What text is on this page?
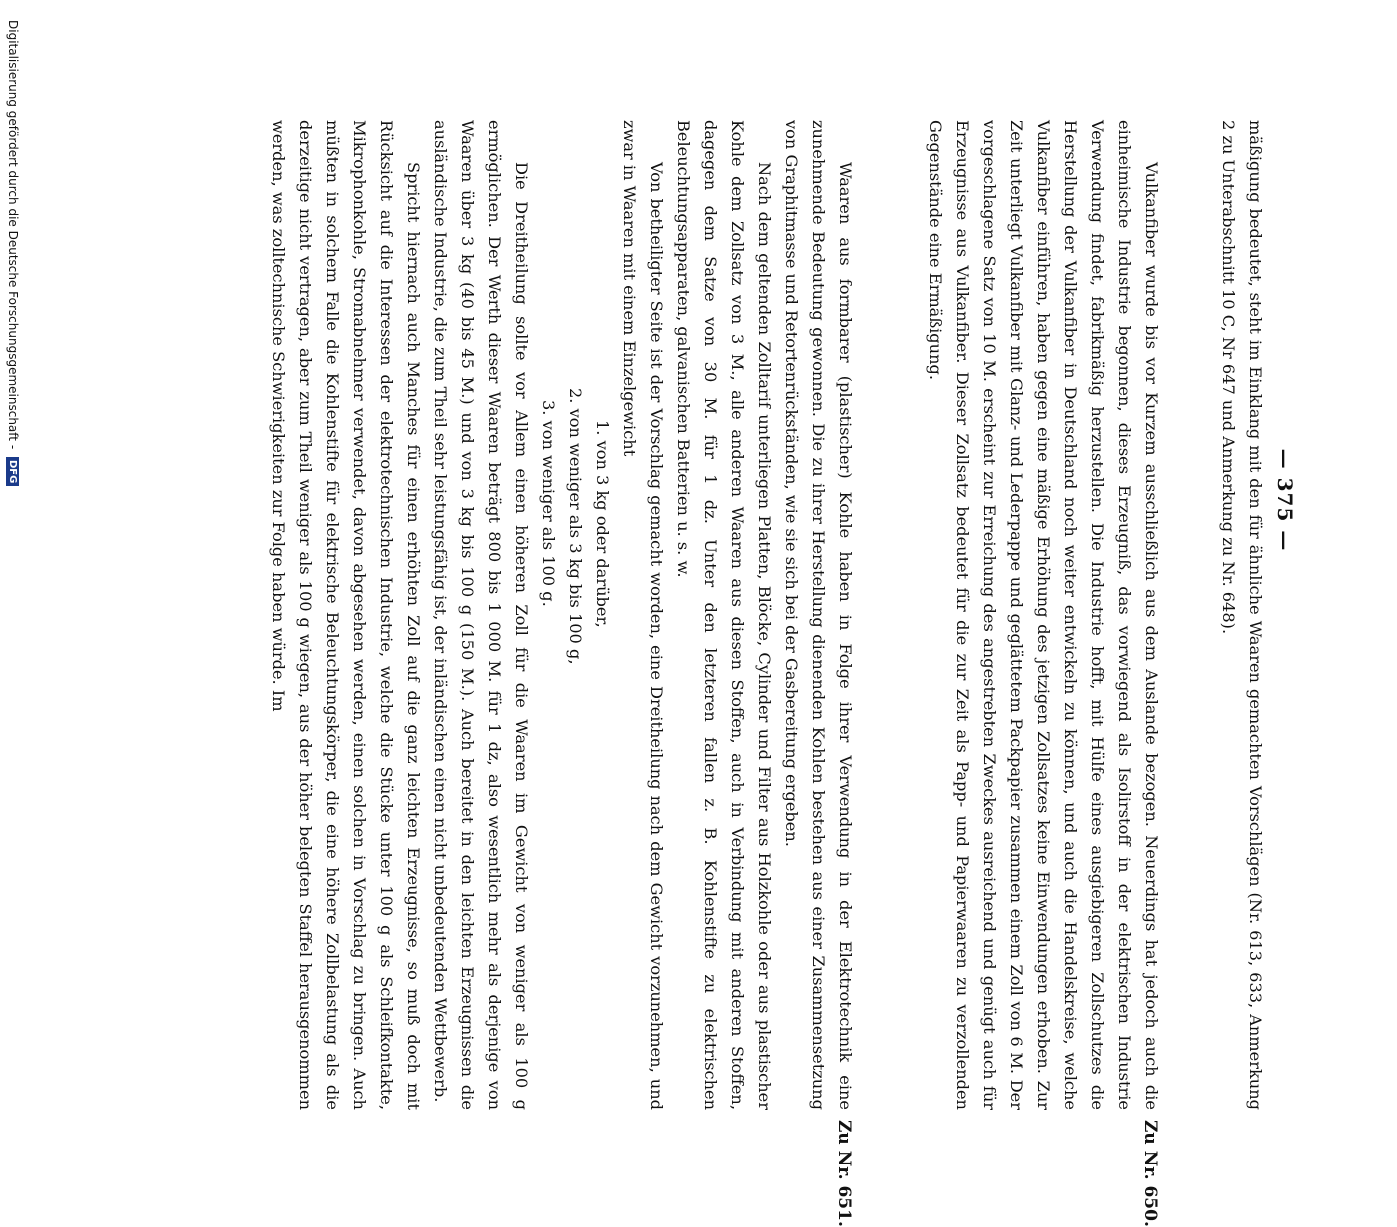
— 375 —

mäßigung bedeutet, steht im Einklang mit den für ähnliche Waaren gemachten Vorschlägen (Nr. 613, 633, Anmerkung 2 zu Unterabschnitt 10 C, Nr 647 und Anmerkung zu Nr. 648).

Zu Nr. 650.

Vulkanfiber wurde bis vor Kurzem ausschließlich aus dem Auslande bezogen. Neuerdings hat jedoch auch die einheimische Industrie begonnen, dieses Erzeugniß, das vorwiegend als Isolirstoff in der elektrischen Industrie Verwendung findet, fabrikmäßig herzustellen. Die Industrie hofft, mit Hülfe eines ausgiebigeren Zollschutzes die Herstellung der Vulkanfiber in Deutschland noch weiter entwickeln zu können, und auch die Handelskreise, welche Vulkanfiber einführen, haben gegen eine mäßige Erhöhung des jetzigen Zollsatzes keine Einwendungen erhoben. Zur Zeit unterliegt Vulkanfiber mit Glanz- und Lederpappe und geglättetem Packpapier zusammen einem Zoll von 6 M. Der vorgeschlagene Satz von 10 M. erscheint zur Erreichung des angestrebten Zweckes ausreichend und genügt auch für Erzeugnisse aus Vulkanfiber. Dieser Zollsatz bedeutet für die zur Zeit als Papp- und Papierwaaren zu verzollenden Gegenstände eine Ermäßigung.

Zu Nr. 651.

Waaren aus formbarer (plastischer) Kohle haben in Folge ihrer Verwendung in der Elektrotechnik eine zunehmende Bedeutung gewonnen. Die zu ihrer Herstellung dienenden Kohlen bestehen aus einer Zusammensetzung von Graphitmasse und Retortenrückständen, wie sie sich bei der Gasbereitung ergeben.

Nach dem geltenden Zolltarif unterliegen Platten, Blöcke, Cylinder und Filter aus Holzkohle oder aus plastischer Kohle dem Zollsatz von 3 M., alle anderen Waaren aus diesen Stoffen, auch in Verbindung mit anderen Stoffen, dagegen dem Satze von 30 M. für 1 dz. Unter den letzteren fallen z. B. Kohlenstifte zu elektrischen Beleuchtungsapparaten, galvanischen Batterien u. s. w.

Von betheiligter Seite ist der Vorschlag gemacht worden, eine Dreitheilung nach dem Gewicht vorzunehmen, und zwar in Waaren mit einem Einzelgewicht

1. von 3 kg oder darüber,
2. von weniger als 3 kg bis 100 g,
3. von weniger als 100 g.

Die Dreitheilung sollte vor Allem einen höheren Zoll für die Waaren im Gewicht von weniger als 100 g ermöglichen. Der Werth dieser Waaren beträgt 800 bis 1 000 M. für 1 dz, also wesentlich mehr als derjenige von Waaren über 3 kg (40 bis 45 M.) und von 3 kg bis 100 g (150 M.). Auch bereitet in den leichten Erzeugnissen die ausländische Industrie, die zum Theil sehr leistungsfähig ist, der inländischen einen nicht unbedeutenden Wettbewerb.

Spricht hiernach auch Manches für einen erhöhten Zoll auf die ganz leichten Erzeugnisse, so muß doch mit Rücksicht auf die Interessen der elektrotechnischen Industrie, welche die Stücke unter 100 g als Schleifkontakte, Mikrophonkohle, Stromabnehmer verwendet, davon abgesehen werden, einen solchen in Vorschlag zu bringen. Auch müßten in solchem Falle die Kohlenstifte für elektrische Beleuchtungskörper, die eine höhere Zollbelastung als die derzeitige nicht vertragen, aber zum Theil weniger als 100 g wiegen, aus der höher belegten Staffel herausgenommen werden, was zolltechnische Schwierigkeiten zur Folge haben würde. Im

Digitalisierung gefördert durch die Deutsche Forschungsgemeinschaft - DFG
